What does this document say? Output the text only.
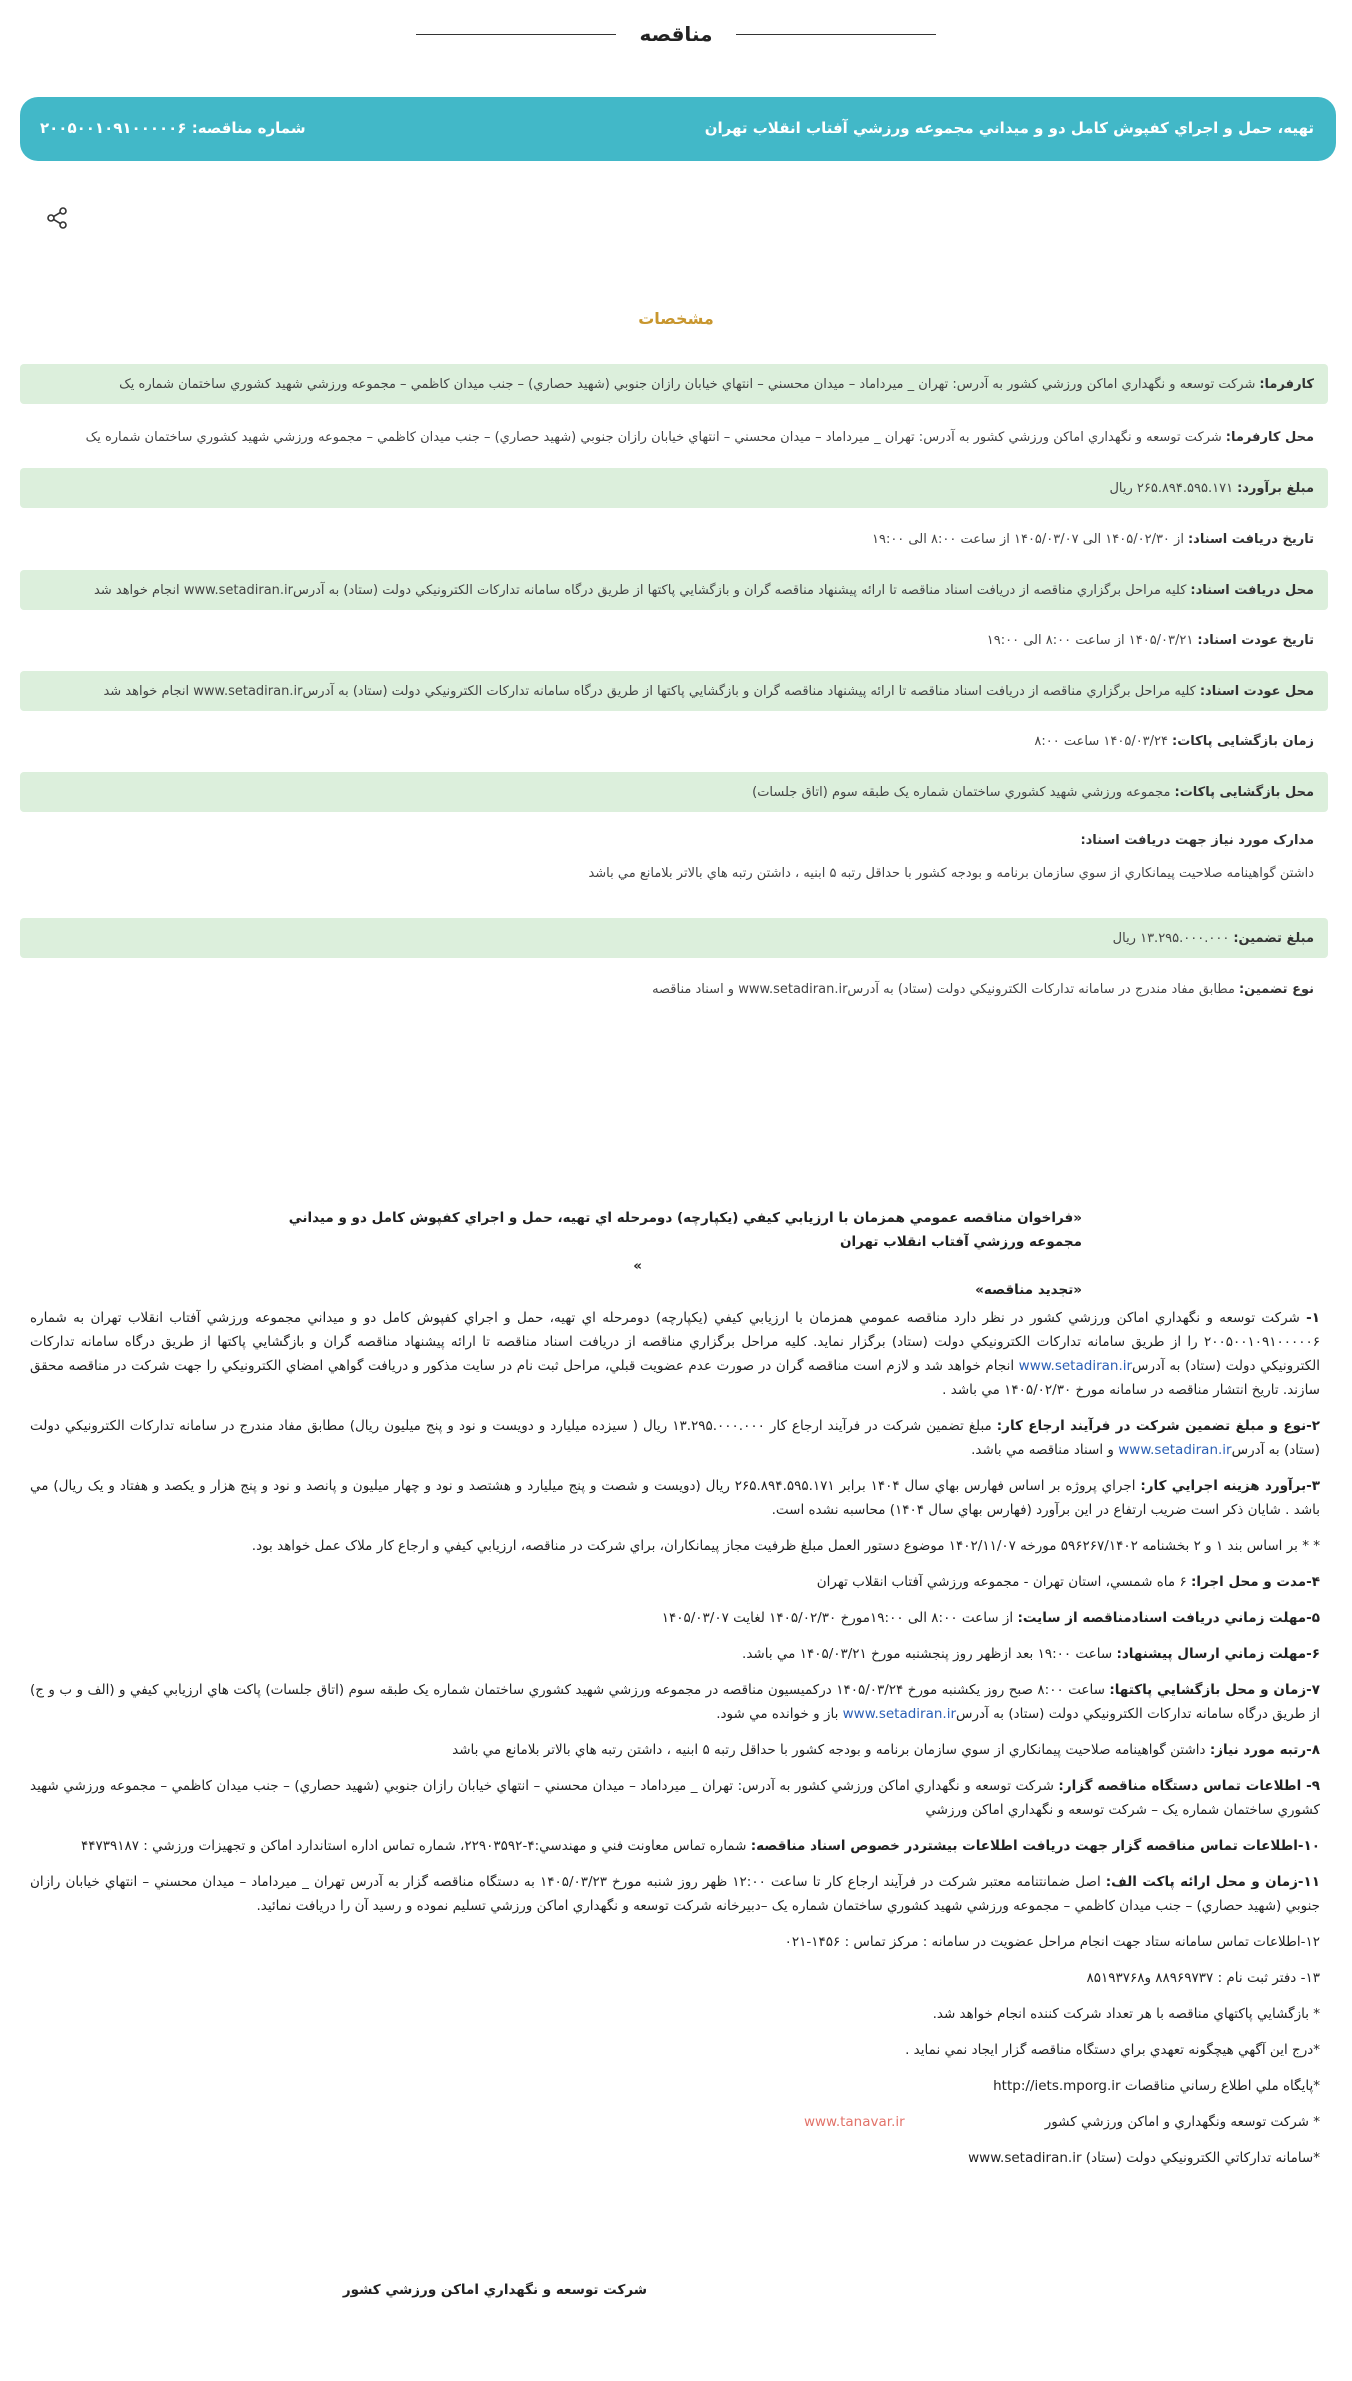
مناقصه
تهيه، حمل و اجراي كفپوش كامل دو و ميداني مجموعه ورزشي آفتاب انقلاب تهران
شماره مناقصه: ۲۰۰۵۰۰۱۰۹۱۰۰۰۰۰۶
مشخصات
كارفرما:
شركت توسعه و نگهداري اماكن ورزشي كشور به آدرس: تهران _ ميرداماد – ميدان محسني – انتهاي خيابان رازان جنوبي (شهيد حصاري) – جنب ميدان كاظمي – مجموعه ورزشي شهيد كشوري ساختمان شماره يک
محل كارفرما:
شركت توسعه و نگهداري اماكن ورزشي كشور به آدرس: تهران _ ميرداماد – ميدان محسني – انتهاي خيابان رازان جنوبي (شهيد حصاري) – جنب ميدان كاظمي – مجموعه ورزشي شهيد كشوري ساختمان شماره يک
مبلغ برآورد:
۲۶۵.۸۹۴.۵۹۵.۱۷۱ ريال
تاريخ دريافت اسناد:
از ۱۴۰۵/۰۲/۳۰ الی ۱۴۰۵/۰۳/۰۷ از ساعت ۸:۰۰ الی ۱۹:۰۰
محل دريافت اسناد:
كليه مراحل برگزاري مناقصه از دريافت اسناد مناقصه تا ارائه پيشنهاد مناقصه گران و بازگشايي پاكتها از طريق درگاه سامانه تداركات الكترونيكي دولت (ستاد) به آدرسwww.setadiran.ir انجام خواهد شد
تاريخ عودت اسناد:
۱۴۰۵/۰۳/۲۱ از ساعت ۸:۰۰ الی ۱۹:۰۰
محل عودت اسناد:
كليه مراحل برگزاري مناقصه از دريافت اسناد مناقصه تا ارائه پيشنهاد مناقصه گران و بازگشايي پاكتها از طريق درگاه سامانه تداركات الكترونيكي دولت (ستاد) به آدرسwww.setadiran.ir انجام خواهد شد
زمان بازگشايی پاكات:
۱۴۰۵/۰۳/۲۴ ساعت ۸:۰۰
محل بازگشايی پاكات:
مجموعه ورزشي شهيد كشوري ساختمان شماره يک طبقه سوم (اتاق جلسات)
مدارک مورد نياز جهت دريافت اسناد:
داشتن گواهينامه صلاحيت پيمانكاري از سوي سازمان برنامه و بودجه كشور با حداقل رتبه ۵ ابنيه ، داشتن رتبه هاي بالاتر بلامانع مي باشد
مبلغ تضمين:
۱۳.۲۹۵.۰۰۰.۰۰۰ ريال
نوع تضمين:
مطابق مفاد مندرج در سامانه تداركات الكترونيكي دولت (ستاد) به آدرسwww.setadiran.ir و اسناد مناقصه
«فراخوان مناقصه عمومي همزمان با ارزيابي كيفي (يكپارچه) دومرحله اي تهيه، حمل و اجراي كفپوش كامل دو و ميداني مجموعه ورزشي آفتاب انقلاب تهران
»
«تجديد مناقصه»

۱- شركت توسعه و نگهداري اماكن ورزشي كشور در نظر دارد مناقصه عمومي همزمان با ارزيابي كيفي (يكپارچه) دومرحله اي تهيه، حمل و اجراي كفپوش كامل دو و ميداني مجموعه ورزشي آفتاب انقلاب تهران به شماره ۲۰۰۵۰۰۱۰۹۱۰۰۰۰۰۶ را از طريق سامانه تداركات الكترونيكي دولت (ستاد) برگزار نمايد. كليه مراحل برگزاري مناقصه از دريافت اسناد مناقصه تا ارائه پيشنهاد مناقصه گران و بازگشايي پاكتها از طريق درگاه سامانه تداركات الكترونيكي دولت (ستاد) به آدرسwww.setadiran.ir انجام خواهد شد و لازم است مناقصه گران در صورت عدم عضويت قبلي، مراحل ثبت نام در سايت مذكور و دريافت گواهي امضاي الكترونيكي را جهت شركت در مناقصه محقق سازند. تاريخ انتشار مناقصه در سامانه مورخ ۱۴۰۵/۰۲/۳۰ مي باشد .

۲-نوع و مبلغ تضمين شركت در فرآيند ارجاع كار: مبلغ تضمين شركت در فرآيند ارجاع كار ۱۳.۲۹۵.۰۰۰.۰۰۰ ريال ( سيزده ميليارد و دويست و نود و پنج ميليون ريال) مطابق مفاد مندرج در سامانه تداركات الكترونيكي دولت (ستاد) به آدرسwww.setadiran.ir و اسناد مناقصه مي باشد.

۳-برآورد هزينه اجرايي كار: اجراي پروژه بر اساس فهارس بهاي سال ۱۴۰۴ برابر ۲۶۵.۸۹۴.۵۹۵.۱۷۱ ريال (دويست و شصت و پنج ميليارد و هشتصد و نود و چهار ميليون و پانصد و نود و پنج هزار و يكصد و هفتاد و يک ريال) مي باشد . شايان ذكر است ضريب ارتفاع در اين برآورد (فهارس بهاي سال ۱۴۰۴) محاسبه نشده است.

* * بر اساس بند ۱ و ۲ بخشنامه ۵۹۶۲۶۷/۱۴۰۲ مورخه ۱۴۰۲/۱۱/۰۷ موضوع دستور العمل مبلغ ظرفيت مجاز پيمانكاران، براي شركت در مناقصه، ارزيابي كيفي و ارجاع كار ملاک عمل خواهد بود.

۴-مدت و محل اجرا: ۶ ماه شمسي، استان تهران - مجموعه ورزشي آفتاب انقلاب تهران

۵-مهلت زماني دريافت اسنادمناقصه از سايت: از ساعت ۸:۰۰ الی ۱۹:۰۰مورخ ۱۴۰۵/۰۲/۳۰ لغايت ۱۴۰۵/۰۳/۰۷

۶-مهلت زماني ارسال پيشنهاد: ساعت ۱۹:۰۰ بعد ازظهر روز پنجشنبه مورخ ۱۴۰۵/۰۳/۲۱ مي باشد.

۷-زمان و محل بازگشايي پاكتها: ساعت ۸:۰۰ صبح روز يكشنبه مورخ ۱۴۰۵/۰۳/۲۴ دركميسيون مناقصه در مجموعه ورزشي شهيد كشوري ساختمان شماره يک طبقه سوم (اتاق جلسات) پاكت هاي ارزيابي كيفي و (الف و ب و ج) از طريق درگاه سامانه تداركات الكترونيكي دولت (ستاد) به آدرسwww.setadiran.ir باز و خوانده مي شود.

۸-رتبه مورد نياز: داشتن گواهينامه صلاحيت پيمانكاري از سوي سازمان برنامه و بودجه كشور با حداقل رتبه ۵ ابنيه ، داشتن رتبه هاي بالاتر بلامانع مي باشد

۹- اطلاعات تماس دستگاه مناقصه گزار: شركت توسعه و نگهداري اماكن ورزشي كشور به آدرس: تهران _ ميرداماد – ميدان محسني – انتهاي خيابان رازان جنوبي (شهيد حصاري) – جنب ميدان كاظمي – مجموعه ورزشي شهيد كشوري ساختمان شماره يک – شركت توسعه و نگهداري اماكن ورزشي

۱۰-اطلاعات تماس مناقصه گزار جهت دريافت اطلاعات بيشتردر خصوص اسناد مناقصه: شماره تماس معاونت فني و مهندسي:۴-۲۲۹۰۳۵۹۲، شماره تماس اداره استاندارد اماكن و تجهيزات ورزشي : ۴۴۷۳۹۱۸۷

۱۱-زمان و محل ارائه پاكت الف: اصل ضمانتنامه معتبر شركت در فرآيند ارجاع كار تا ساعت ۱۲:۰۰ ظهر روز شنبه مورخ ۱۴۰۵/۰۳/۲۳ به دستگاه مناقصه گزار به آدرس تهران _ ميرداماد – ميدان محسني – انتهاي خيابان رازان جنوبي (شهيد حصاري) – جنب ميدان كاظمي – مجموعه ورزشي شهيد كشوري ساختمان شماره يک –دبيرخانه شركت توسعه و نگهداري اماكن ورزشي تسليم نموده و رسيد آن را دريافت نمائيد.

۱۲-اطلاعات تماس سامانه ستاد جهت انجام مراحل عضويت در سامانه : مركز تماس : ۱۴۵۶-۰۲۱

۱۳- دفتر ثبت نام : ۸۸۹۶۹۷۳۷ و۸۵۱۹۳۷۶۸

* بازگشايي پاكتهاي مناقصه با هر تعداد شركت كننده انجام خواهد شد.

*درج اين آگهي هيچگونه تعهدي براي دستگاه مناقصه گزار ايجاد نمي نمايد .

*پايگاه ملي اطلاع رساني مناقصات http://iets.mporg.ir

* شركت توسعه ونگهداري و اماكن ورزشي كشورwww.tanavar.ir

*سامانه تداركاتي الكترونيكي دولت (ستاد) www.setadiran.ir

شركت توسعه و نگهداري اماكن ورزشي كشور
